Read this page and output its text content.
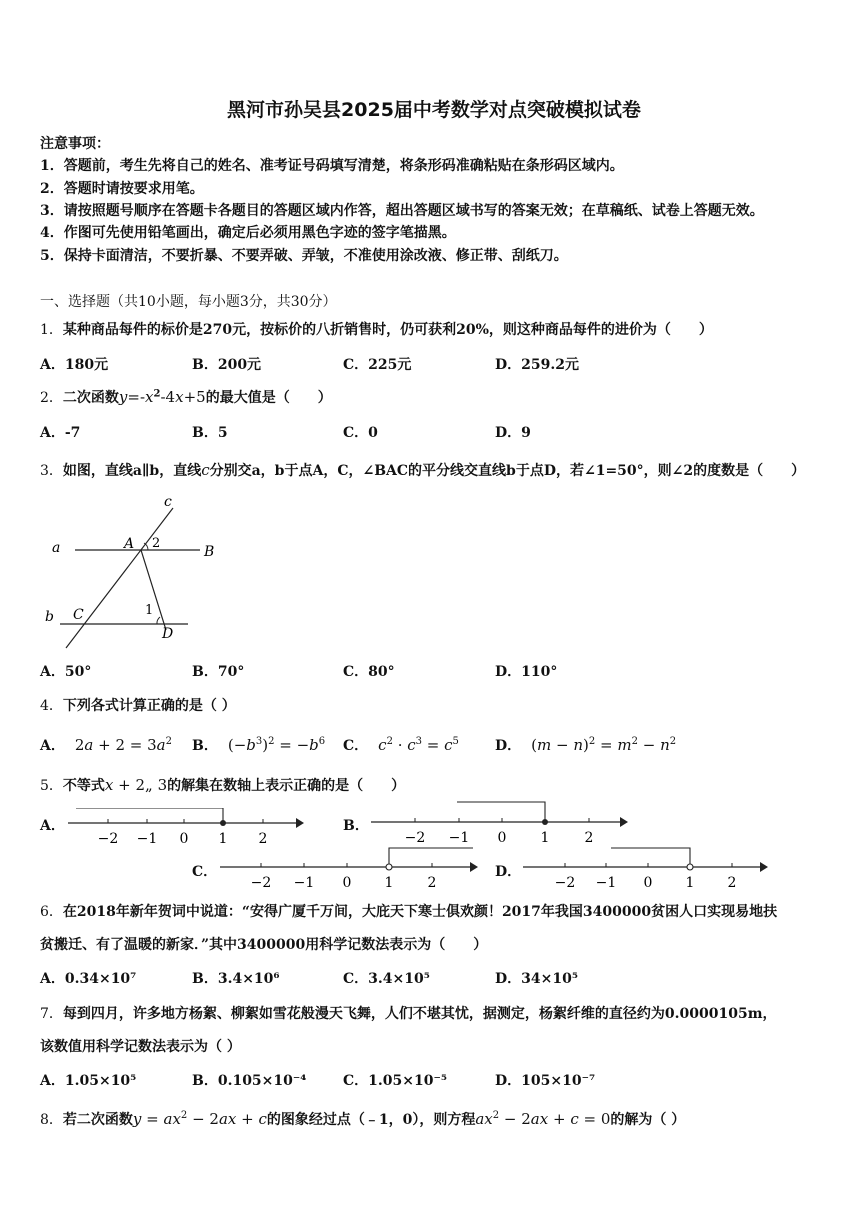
黑河市孙吴县2025届中考数学对点突破模拟试卷
注意事项：
1．答题前，考生先将自己的姓名、准考证号码填写清楚，将条形码准确粘贴在条形码区域内。
2．答题时请按要求用笔。
3．请按照题号顺序在答题卡各题目的答题区域内作答，超出答题区域书写的答案无效；在草稿纸、试卷上答题无效。
4．作图可先使用铅笔画出，确定后必须用黑色字迹的签字笔描黑。
5．保持卡面清洁，不要折暴、不要弄破、弄皱，不准使用涂改液、修正带、刮纸刀。
一、选择题（共10小题，每小题3分，共30分）
1．某种商品每件的标价是270元，按标价的八折销售时，仍可获利20%，则这种商品每件的进价为（　　）
A．180元	B．200元	C．225元	D．259.2元
2．二次函数$y=-x^2-4x+5$的最大值是（　　）
A．-7	B．5	C．0	D．9
3．如图，直线a∥b，直线c分别交a，b于点A，C，∠BAC的平分线交直线b于点D，若∠1=50°，则∠2的度数是（　　）
c
a
b
A	B
C
D
1
2
A．50°	B．70°	C．80°	D．110°
4．下列各式计算正确的是（ ）
A． $2a + 2 = 3a^2$ B． $(-b^3)^2 = -b^6$ C． $c^2 \cdot c^3 = c^5$	D． $(m - n)^2 = m^2 - n^2$
5．不等式x + 2„ 3的解集在数轴上表示正确的是（　　）
A．
−2 −1 0 1 2
B．
−2 −1 0 1	2
C．
−2 −1 0 1 2
D．
−2 −1 0 1 2
6．在2018年新年贺词中说道：“安得广厦千万间，大庇天下寒士俱欢颜！2017年我国3400000贫困人口实现易地扶
贫搬迁、有了温暖的新家．”其中3400000用科学记数法表示为（　　）
A．0.34×10⁷	B．3.4×10⁶	C．3.4×10⁵	D．34×10⁵
7．每到四月，许多地方杨絮、柳絮如雪花般漫天飞舞，人们不堪其忧，据测定，杨絮纤维的直径约为0.0000105m，
该数值用科学记数法表示为（ ）
A．1.05×10⁵	B．0.105×10⁻⁴	C．1.05×10⁻⁵	D．105×10⁻⁷
8．若二次函数$y = ax^2 - 2ax + c$的图象经过点（﹣1，0），则方程$ax^2 - 2ax + c = 0$的解为（ ）
